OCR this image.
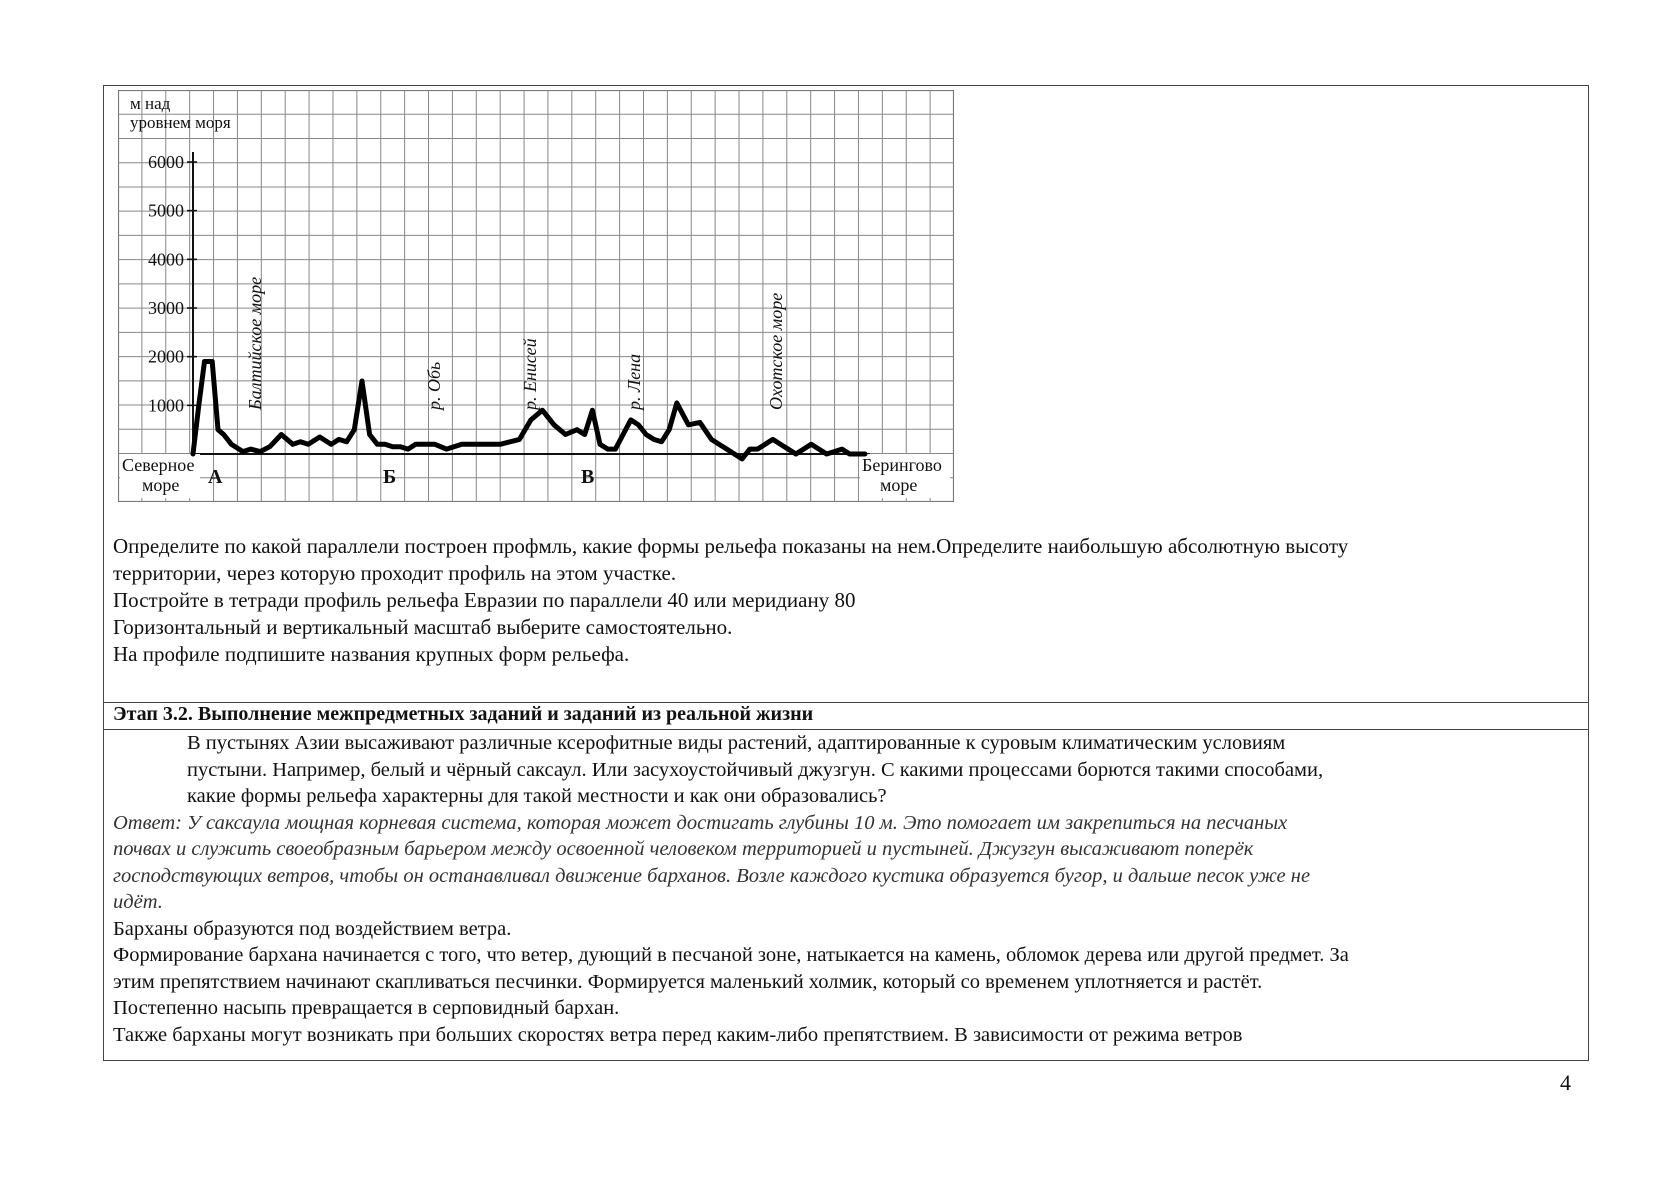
1000
2000
3000
4000
5000
6000
м над
уровнем моря
Северное
море
Берингово
море
А	Б	В
Балтийское море	р. Обь	р. Енисей	р. Лена	Охотское море
Определите по какой параллели построен профмль, какие формы рельефа показаны на нем.Определите наибольшую абсолютную высоту
территории, через которую проходит профиль на этом участке.
Постройте в тетради профиль рельефа Евразии по параллели 40 или меридиану 80
Горизонтальный и вертикальный масштаб выберите самостоятельно.
На профиле подпишите названия крупных форм рельефа.
Этап 3.2. Выполнение межпредметных заданий и заданий из реальной жизни
В пустынях Азии высаживают различные ксерофитные виды растений, адаптированные к суровым климатическим условиям
пустыни. Например, белый и чёрный саксаул. Или засухоустойчивый джузгун. С какими процессами борются такими способами,
какие формы рельефа характерны для такой местности и как они образовались?
Ответ: У саксаула мощная корневая система, которая может достигать глубины 10 м. Это помогает им закрепиться на песчаных
почвах и служить своеобразным барьером между освоенной человеком территорией и пустыней. Джузгун высаживают поперёк
господствующих ветров, чтобы он останавливал движение барханов. Возле каждого кустика образуется бугор, и дальше песок уже не
идёт.
Барханы образуются под воздействием ветра.
Формирование бархана начинается с того, что ветер, дующий в песчаной зоне, натыкается на камень, обломок дерева или другой предмет. За
этим препятствием начинают скапливаться песчинки. Формируется маленький холмик, который со временем уплотняется и растёт.
Постепенно насыпь превращается в серповидный бархан.
Также барханы могут возникать при больших скоростях ветра перед каким-либо препятствием. В зависимости от режима ветров
4
